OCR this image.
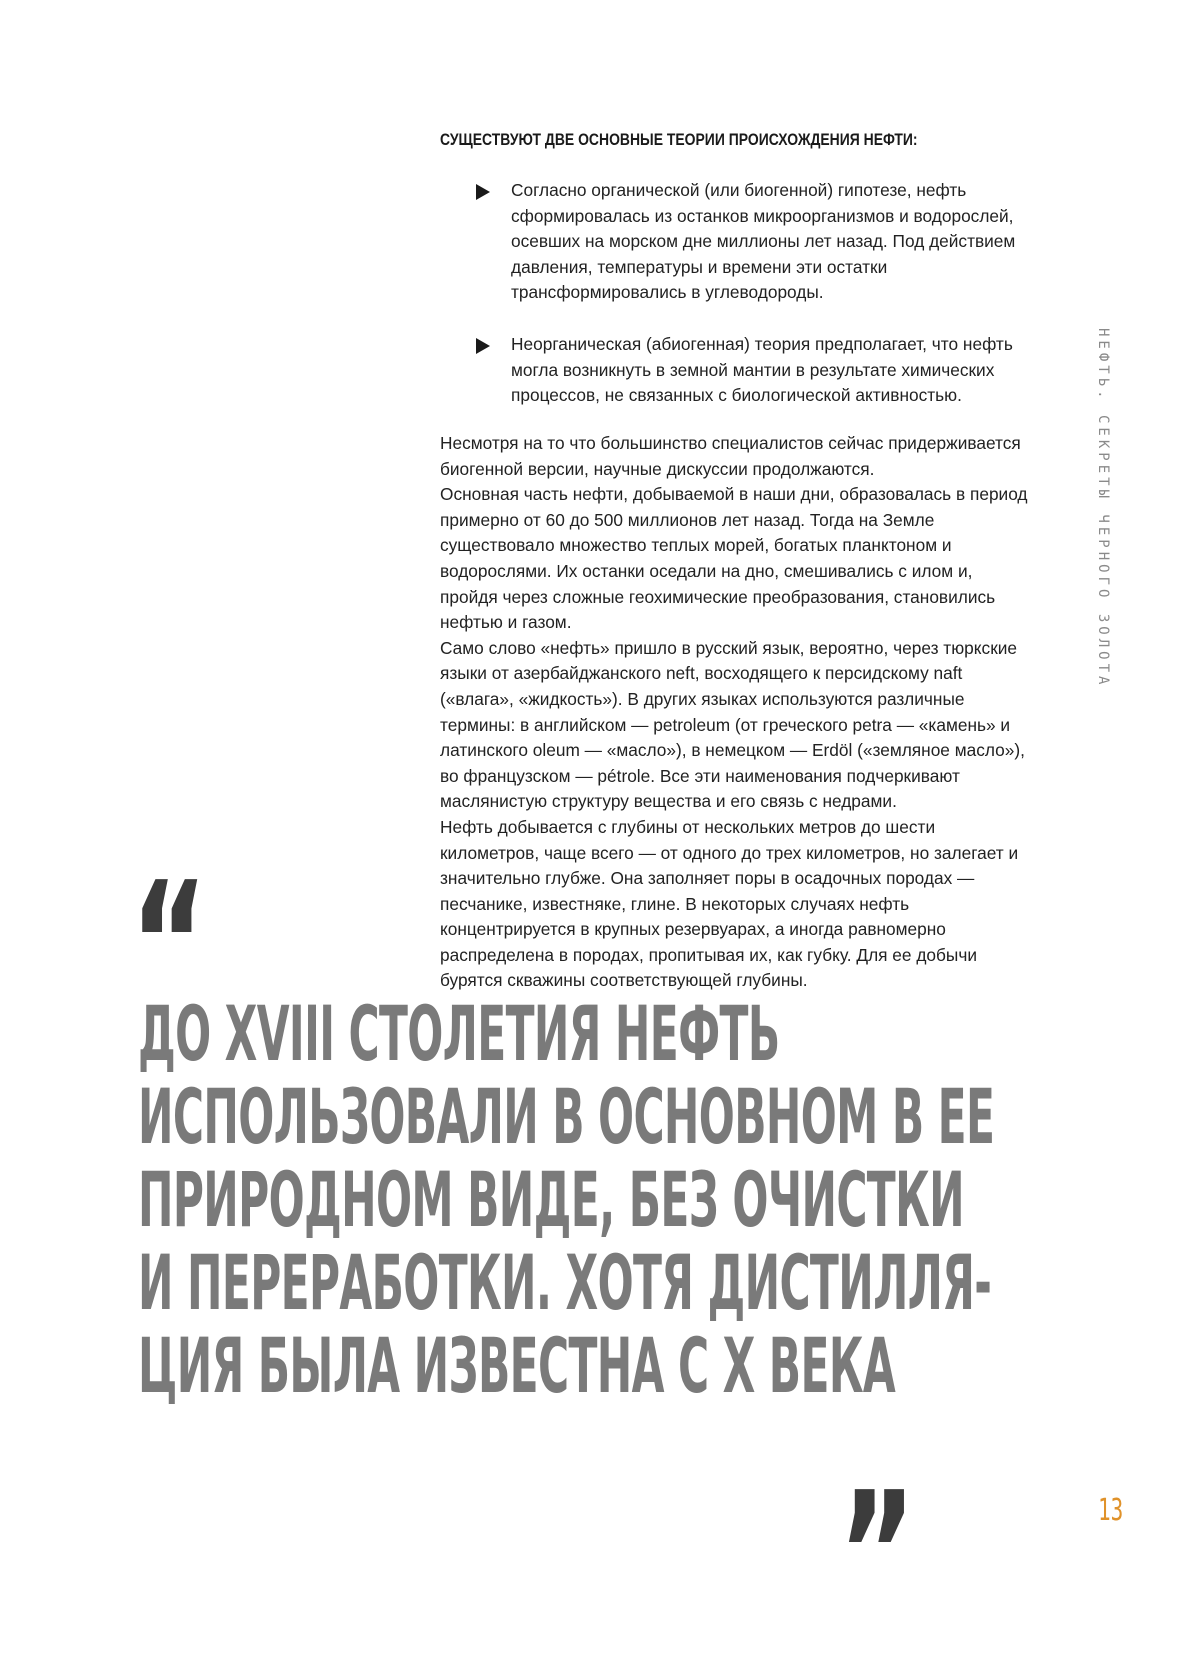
СУЩЕСТВУЮТ ДВЕ ОСНОВНЫЕ ТЕОРИИ ПРОИСХОЖДЕНИЯ НЕФТИ:
Согласно органической (или биогенной) гипотезе, нефть сформировалась из останков микроорганизмов и водорослей, осевших на морском дне миллионы лет назад. Под действием давления, температуры и времени эти остатки трансформировались в углеводороды.
Неорганическая (абиогенная) теория предполагает, что нефть могла возникнуть в земной мантии в результате химических процессов, не связанных с биологической активностью.

Несмотря на то что большинство специалистов сейчас придерживается биогенной версии, научные дискуссии продолжаются.

Основная часть нефти, добываемой в наши дни, образовалась в период примерно от 60 до 500 миллионов лет назад. Тогда на Земле существовало множество теплых морей, богатых планктоном и водорослями. Их останки оседали на дно, смешивались с илом и, пройдя через сложные геохимические преобразования, становились нефтью и газом.

Само слово «нефть» пришло в русский язык, вероятно, через тюркские языки от азербайджанского neft, восходящего к персидскому naft («влага», «жидкость»). В других языках используются различные термины: в английском — petroleum (от греческого petra — «камень» и латинского oleum — «масло»), в немецком — Erdöl («земляное масло»), во французском — pétrole. Все эти наименования подчеркивают маслянистую структуру вещества и его связь с недрами.

Нефть добывается с глубины от нескольких метров до шести километров, чаще всего — от одного до трех километров, но залегает и значительно глубже. Она заполняет поры в осадочных породах — песчанике, известняке, глине. В некоторых случаях нефть концентрируется в крупных резервуарах, а иногда равномерно распределена в породах, пропитывая их, как губку. Для ее добычи бурятся скважины соответствующей глубины.

НЕФТЬ. СЕКРЕТЫ ЧЕРНОГО ЗОЛОТА
“
ДО XVIII СТОЛЕТИЯ НЕФТЬ
ИСПОЛЬЗОВАЛИ В ОСНОВНОМ В ЕЕ
ПРИРОДНОМ ВИДЕ, БЕЗ ОЧИСТКИ
И ПЕРЕРАБОТКИ. ХОТЯ ДИСТИЛЛЯ-
ЦИЯ БЫЛА ИЗВЕСТНА С Х ВЕКА
”	13
